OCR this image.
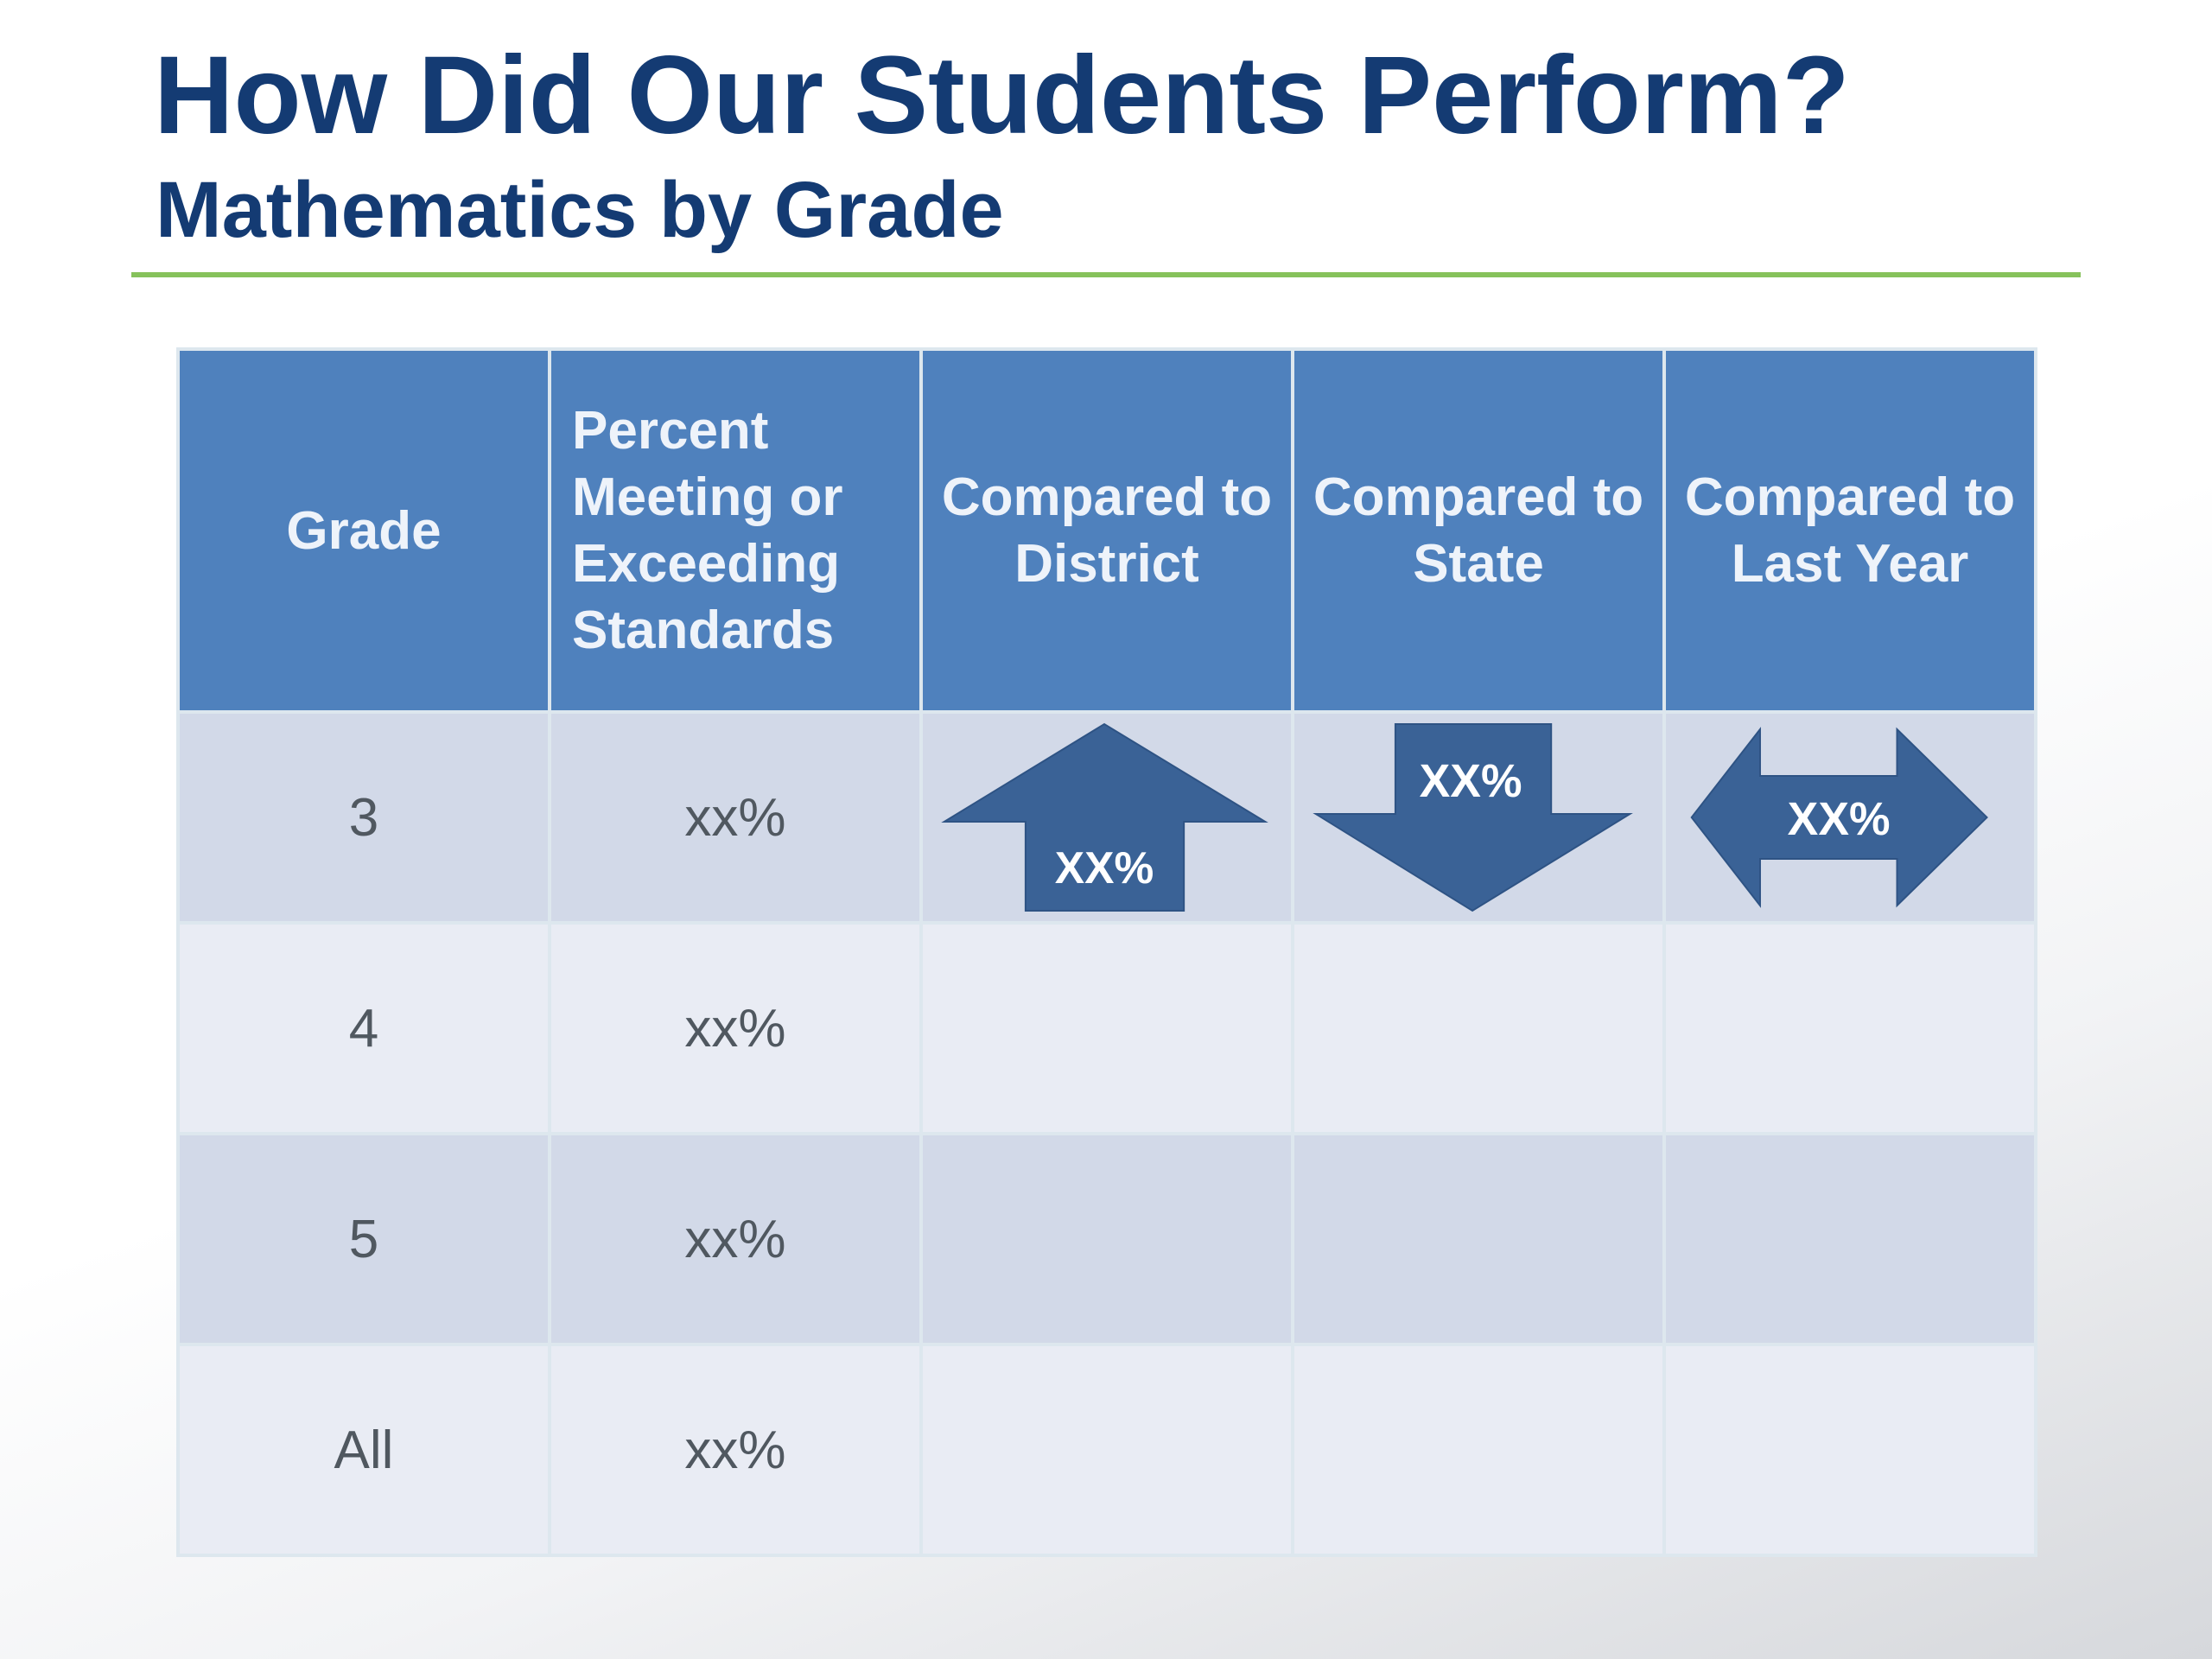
How Did Our Students Perform?
Mathematics by Grade
Grade	Percent Meeting or Exceeding Standards	Compared to District	Compared to State	Compared to Last Year
3	xx%	XX%	XX%	XX%

4	xx%			
5	xx%			
All	xx%			
